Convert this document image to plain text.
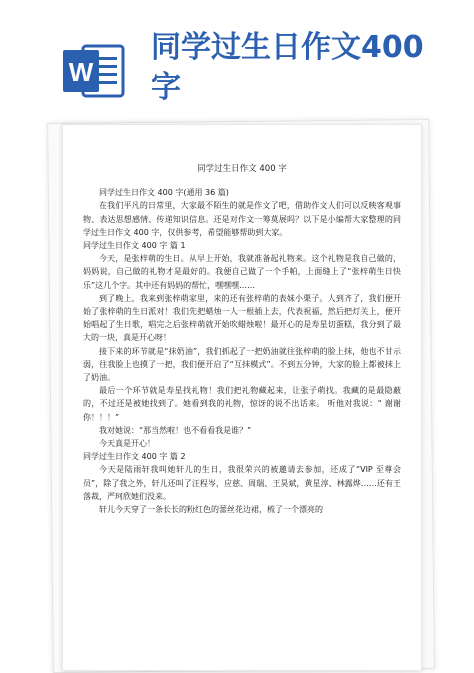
W
同学过生日作文400字
同学过生日作文 400 字

同学过生日作文 400 字(通用 36 篇)

在我们平凡的日常里，大家最不陌生的就是作文了吧，借助作文人们可以反映客观事物、表达思想感情、传递知识信息。还是对作文一筹莫展吗？以下是小编帮大家整理的同学过生日作文 400 字，仅供参考，希望能够帮助到大家。

同学过生日作文 400 字 篇 1

今天，是张梓萌的生日。从早上开始，我就准备起礼物来。这个礼物是我自己做的，妈妈说，自己做的礼物才是最好的。我便自己做了一个手帕，上面缝上了“张梓萌生日快乐”这几个字。其中还有妈妈的帮忙，嘿嘿嘿……

到了晚上，我来到张梓萌家里，来的还有张梓萌的表妹小栗子。人到齐了，我们便开始了张梓萌的生日派对！我们先把蜡烛一人一根插上去，代表祝福，然后把灯关上，便开始唱起了生日歌，唱完之后张梓萌就开始吹蜡烛啦！最开心的是寿星切蛋糕，我分到了最大的一块，真是开心呀！

接下来的环节就是“抹奶油”，我们抓起了一把奶油就往张梓萌的脸上抹，他也不甘示弱，往我脸上也摸了一把，我们便开启了“互抹模式”。不到五分钟，大家的脸上都被抹上了奶油。

最后一个环节就是寿星找礼物！我们把礼物藏起来，让张子萌找。我藏的是最隐蔽的，不过还是被她找到了。她看到我的礼物，惊讶的说不出话来。 听他对我说：“ 谢谢你！！！”

我对她说：“那当然啦！也不看看我是谁？”

今天真是开心！

同学过生日作文 400 字 篇 2

今天是陆雨轩我叫她轩儿的生日，我很荣兴的被邀请去参加，还成了“VIP 至尊会员”，除了我之外，轩儿还叫了汪程岑，应慈、周瑞、王昊斌，黄星淳、林露烨……还有王落裁，严珂欣她们没来。

轩儿今天穿了一条长长的粉红色的蕾丝花边裙，梳了一个漂亮的
